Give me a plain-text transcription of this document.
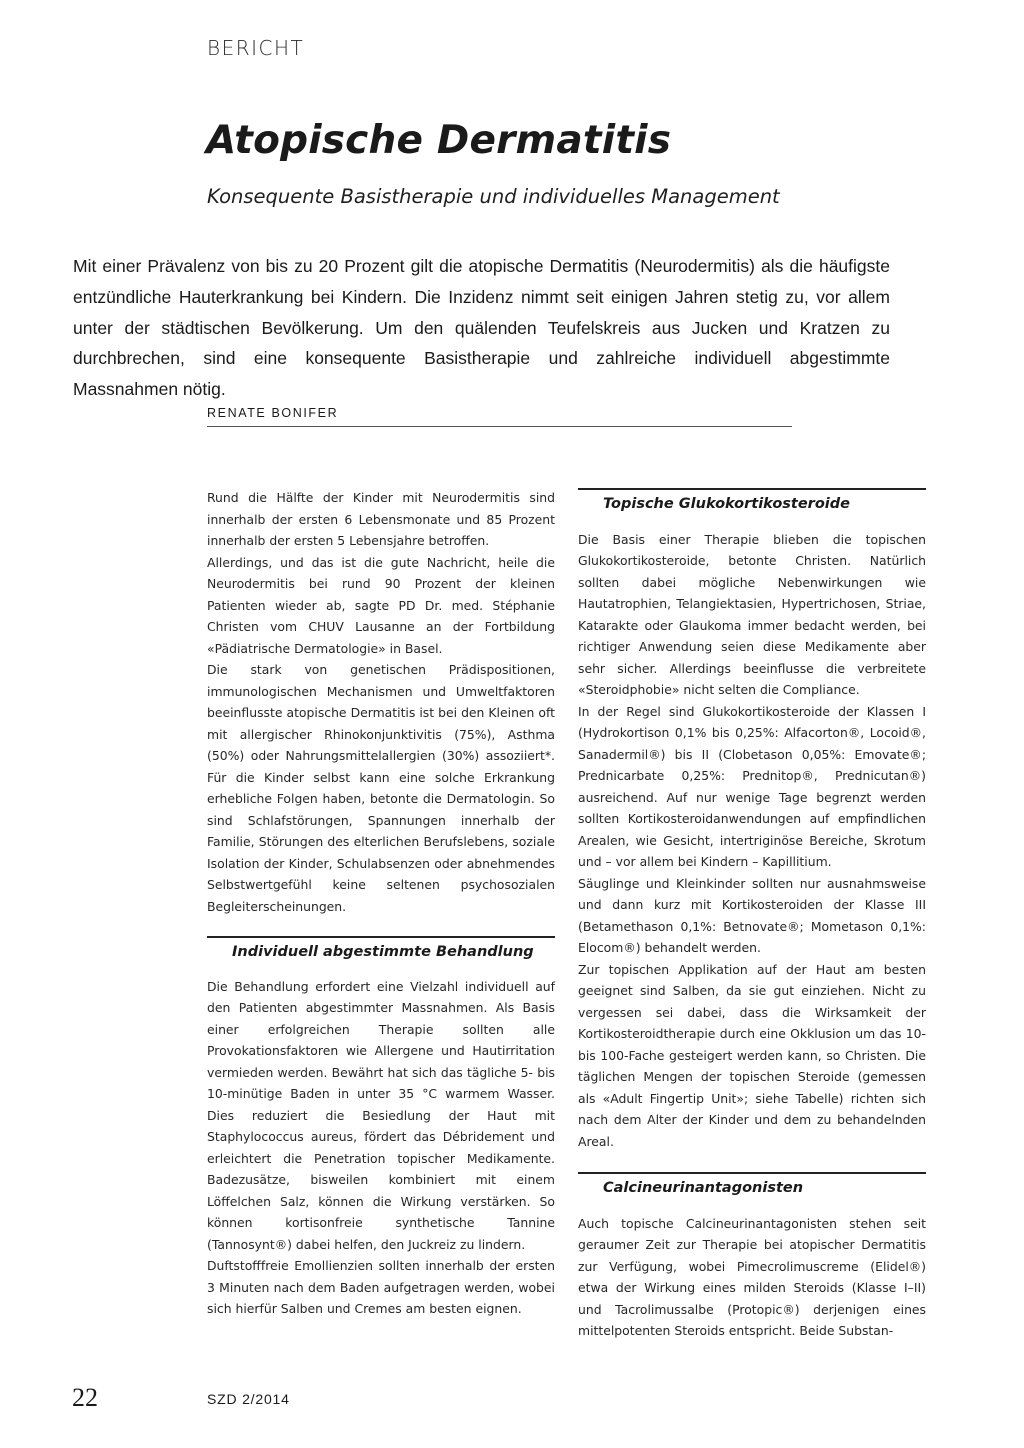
BERICHT
Atopische Dermatitis
Konsequente Basistherapie und individuelles Management

Mit einer Prävalenz von bis zu 20 Prozent gilt die atopische Dermatitis (Neurodermitis) als die häufigste entzündliche Hauterkrankung bei Kindern. Die Inzidenz nimmt seit einigen Jahren stetig zu, vor allem unter der städtischen Bevölkerung. Um den quälenden Teufelskreis aus Jucken und Kratzen zu durchbrechen, sind eine konsequente Basistherapie und zahlreiche individuell abgestimmte Massnahmen nötig.

RENATE BONIFER

Rund die Hälfte der Kinder mit Neurodermitis sind innerhalb der ersten 6 Lebensmonate und 85 Prozent innerhalb der ersten 5 Lebensjahre betroffen.

Allerdings, und das ist die gute Nachricht, heile die Neurodermitis bei rund 90 Prozent der kleinen Patienten wieder ab, sagte PD Dr. med. Stéphanie Christen vom CHUV Lausanne an der Fortbildung «Pädiatrische Dermatologie» in Basel.

Die stark von genetischen Prädispositionen, immunologischen Mechanismen und Umweltfaktoren beeinflusste atopische Dermatitis ist bei den Kleinen oft mit allergischer Rhinokonjunktivitis (75%), Asthma (50%) oder Nahrungsmittelallergien (30%) assoziiert*. Für die Kinder selbst kann eine solche Erkrankung erhebliche Folgen haben, betonte die Dermatologin. So sind Schlafstörungen, Spannungen innerhalb der Familie, Störungen des elterlichen Berufslebens, soziale Isolation der Kinder, Schulabsenzen oder abnehmendes Selbstwertgefühl keine seltenen psychosozialen Begleiterscheinungen.

Individuell abgestimmte Behandlung

Die Behandlung erfordert eine Vielzahl individuell auf den Patienten abgestimmter Massnahmen. Als Basis einer erfolgreichen Therapie sollten alle Provokationsfaktoren wie Allergene und Hautirritation vermieden werden. Bewährt hat sich das tägliche 5- bis 10-minütige Baden in unter 35 °C warmem Wasser. Dies reduziert die Besiedlung der Haut mit Staphylococcus aureus, fördert das Débridement und erleichtert die Penetration topischer Medikamente. Badezusätze, bisweilen kombiniert mit einem Löffelchen Salz, können die Wirkung verstärken. So können kortisonfreie synthetische Tannine (Tannosynt®) dabei helfen, den Juckreiz zu lindern.

Duftstofffreie Emollienzien sollten innerhalb der ersten 3 Minuten nach dem Baden aufgetragen werden, wobei sich hierfür Salben und Cremes am besten eignen.

Topische Glukokortikosteroide

Die Basis einer Therapie blieben die topischen Glukokortikosteroide, betonte Christen. Natürlich sollten dabei mögliche Nebenwirkungen wie Hautatrophien, Telangiektasien, Hypertrichosen, Striae, Katarakte oder Glaukoma immer bedacht werden, bei richtiger Anwendung seien diese Medikamente aber sehr sicher. Allerdings beeinflusse die verbreitete «Steroidphobie» nicht selten die Compliance.

In der Regel sind Glukokortikosteroide der Klassen I (Hydrokortison 0,1% bis 0,25%: Alfacorton®, Locoid®, Sanadermil®) bis II (Clobetason 0,05%: Emovate®; Prednicarbate 0,25%: Prednitop®, Prednicutan®) ausreichend. Auf nur wenige Tage begrenzt werden sollten Kortikosteroidanwendungen auf empfindlichen Arealen, wie Gesicht, intertriginöse Bereiche, Skrotum und – vor allem bei Kindern – Kapillitium.

Säuglinge und Kleinkinder sollten nur ausnahmsweise und dann kurz mit Kortikosteroiden der Klasse III (Betamethason 0,1%: Betnovate®; Mometason 0,1%: Elocom®) behandelt werden.

Zur topischen Applikation auf der Haut am besten geeignet sind Salben, da sie gut einziehen. Nicht zu vergessen sei dabei, dass die Wirksamkeit der Kortikosteroidtherapie durch eine Okklusion um das 10- bis 100-Fache gesteigert werden kann, so Christen. Die täglichen Mengen der topischen Steroide (gemessen als «Adult Fingertip Unit»; siehe Tabelle) richten sich nach dem Alter der Kinder und dem zu behandelnden Areal.

Calcineurinantagonisten

Auch topische Calcineurinantagonisten stehen seit geraumer Zeit zur Therapie bei atopischer Dermatitis zur Verfügung, wobei Pimecrolimuscreme (Elidel®) etwa der Wirkung eines milden Steroids (Klasse I–II) und Tacrolimussalbe (Protopic®) derjenigen eines mittelpotenten Steroids entspricht. Beide Substan-

22	SZD 2/2014
